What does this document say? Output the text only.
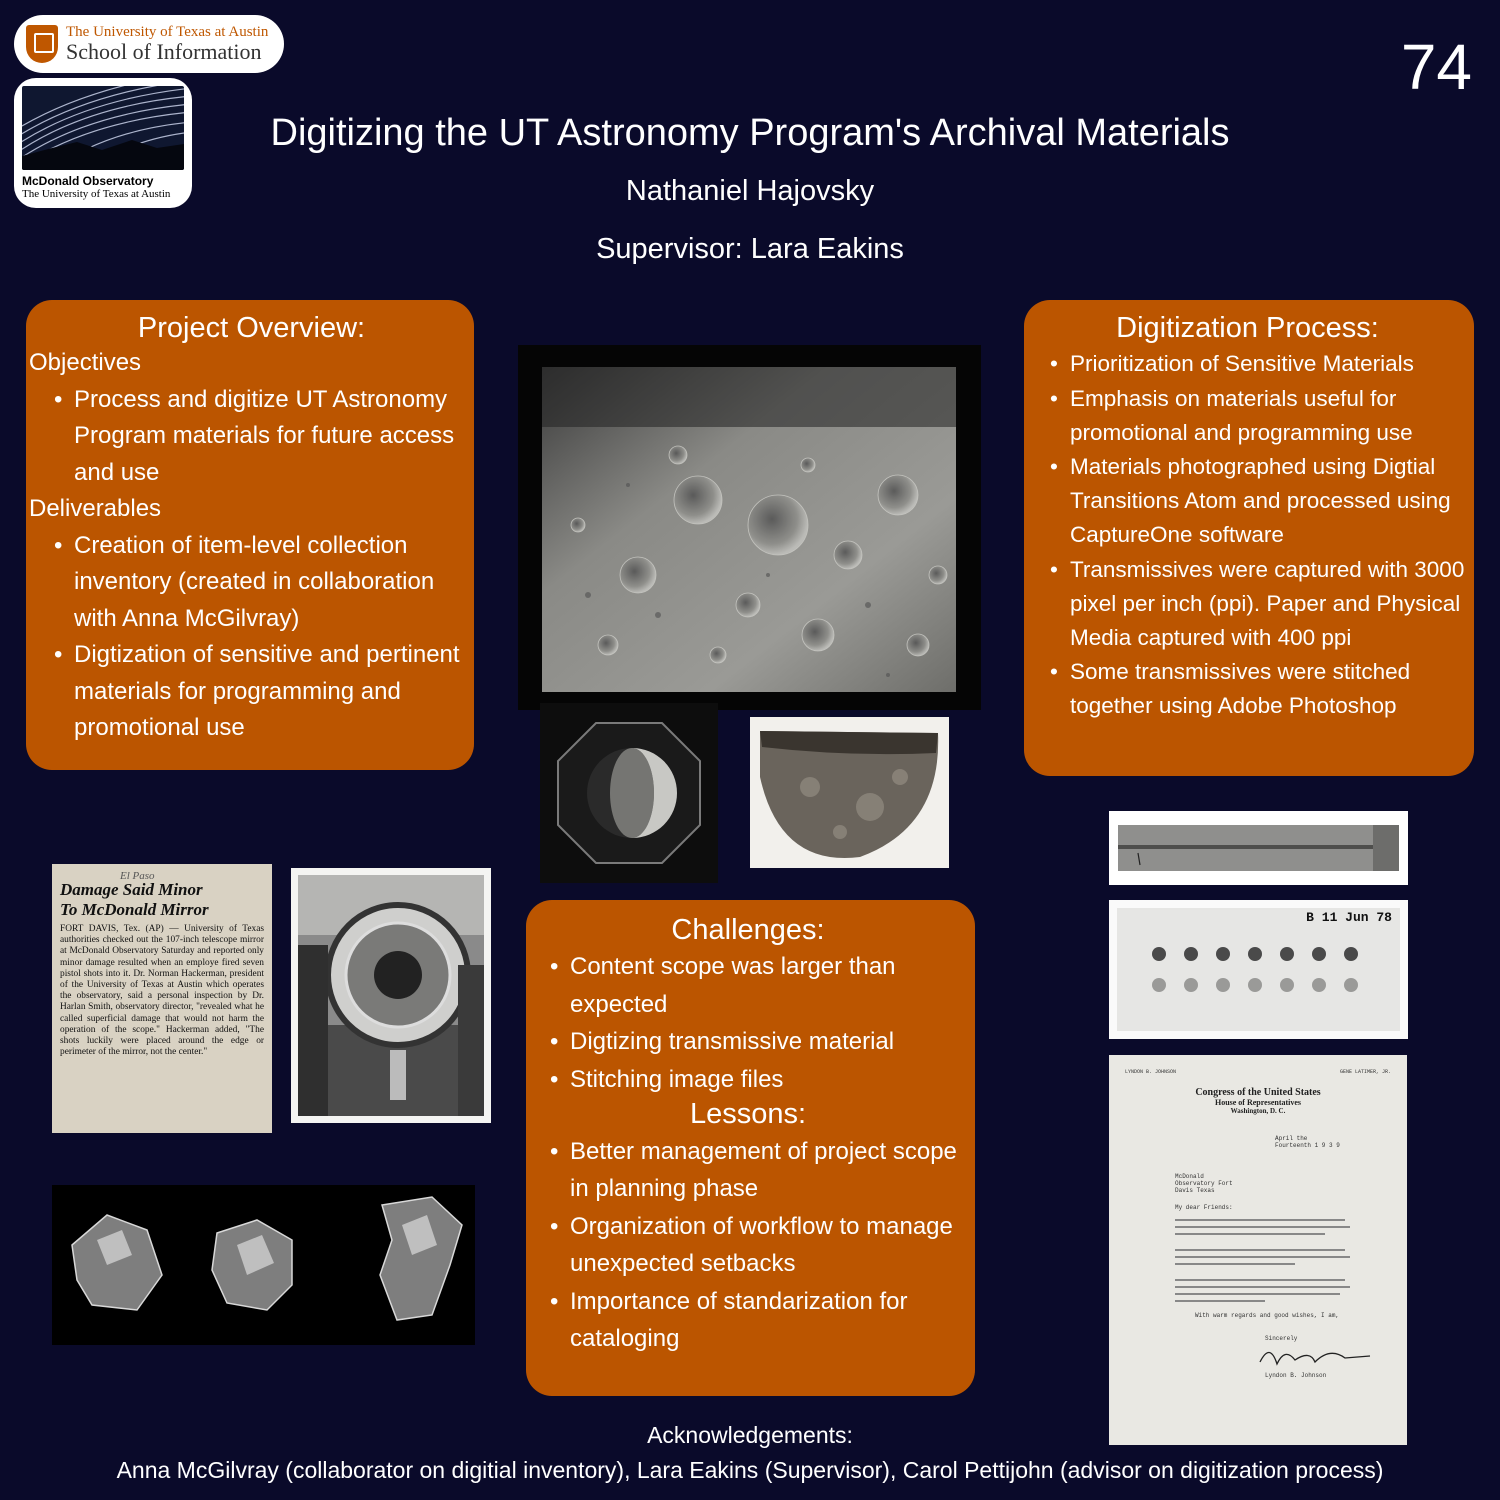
The University of Texas at Austin
School of Information
McDonald Observatory
The University of Texas at Austin
74
Digitizing the UT Astronomy Program's Archival Materials
Nathaniel Hajovsky
Supervisor: Lara Eakins
Project Overview:
Objectives
• Process and digitize UT Astronomy Program materials for future access and use
Deliverables
• Creation of item-level collection inventory (created in collaboration with Anna McGilvray)
• Digtization of sensitive and pertinent materials for programming and promotional use
Digitization Process:
• Prioritization of Sensitive Materials
• Emphasis on materials useful for promotional and programming use
• Materials photographed using Digtial Transitions Atom and processed using CaptureOne software
• Transmissives were captured with 3000 pixel per inch (ppi). Paper and Physical Media captured with 400 ppi
• Some transmissives were stitched together using Adobe Photoshop
Challenges:
• Content scope was larger than expected
• Digtizing transmissive material
• Stitching image files
Lessons:
• Better management of project scope in planning phase
• Organization of workflow to manage unexpected setbacks
• Importance of standarization for cataloging
El Paso
Damage Said Minor
To McDonald Mirror
FORT DAVIS, Tex. (AP) — University of Texas authorities checked out the 107-inch telescope mirror at McDonald Observatory Saturday and reported only minor damage resulted when an employe fired seven pistol shots into it. Dr. Norman Hackerman, president of the University of Texas at Austin which operates the observatory, said a personal inspection by Dr. Harlan Smith, observatory director, "revealed what he called superficial damage that would not harm the operation of the scope." Hackerman added, "The shots luckily were placed around the edge or perimeter of the mirror, not the center."
B 11 Jun 78
LYNDON B. JOHNSON	GENE LATIMER, JR.
Congress of the United States
House of Representatives
Washington, D. C.
April the Fourteenth 1 9 3 9
McDonald Observatory Fort Davis Texas
My dear Friends:
With warm regards and good wishes, I am,
Sincerely
Lyndon B. Johnson
Acknowledgements:
Anna McGilvray (collaborator on digitial inventory), Lara Eakins (Supervisor), Carol Pettijohn (advisor on digitization process)
